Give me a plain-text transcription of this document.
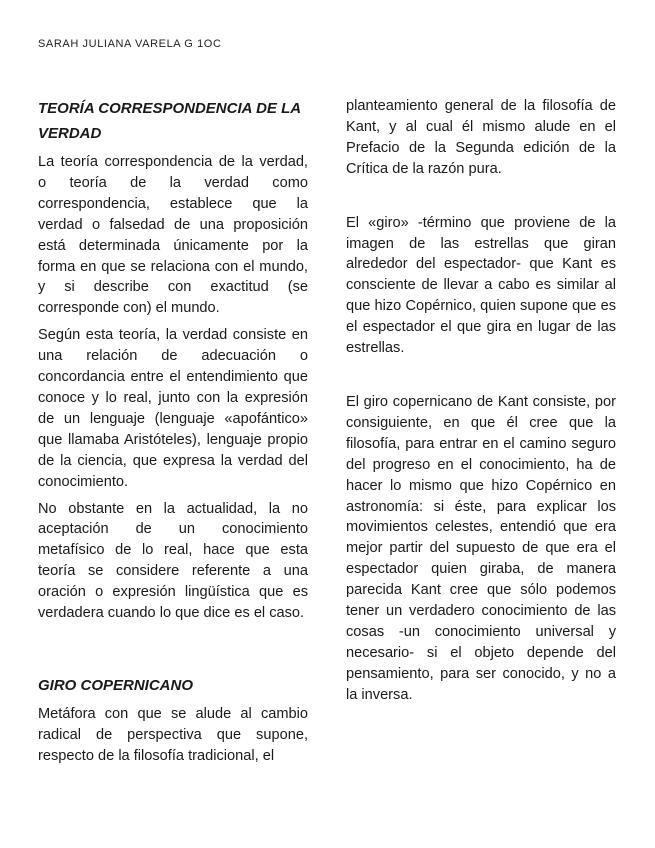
SARAH JULIANA VARELA G 1OC
TEORÍA CORRESPONDENCIA DE LA VERDAD

La teoría correspondencia de la verdad, o teoría de la verdad como correspondencia, establece que la verdad o falsedad de una proposición está determinada únicamente por la forma en que se relaciona con el mundo, y si describe con exactitud (se corresponde con) el mundo.

Según esta teoría, la verdad consiste en una relación de adecuación o concordancia entre el entendimiento que conoce y lo real, junto con la expresión de un lenguaje (lenguaje «apofántico» que llamaba Aristóteles), lenguaje propio de la ciencia, que expresa la verdad del conocimiento.

No obstante en la actualidad, la no aceptación de un conocimiento metafísico de lo real, hace que esta teoría se considere referente a una oración o expresión lingüística que es verdadera cuando lo que dice es el caso.

GIRO COPERNICANO

Metáfora con que se alude al cambio radical de perspectiva que supone, respecto de la filosofía tradicional, el

planteamiento general de la filosofía de Kant, y al cual él mismo alude en el Prefacio de la Segunda edición de la Crítica de la razón pura.

El «giro» -término que proviene de la imagen de las estrellas que giran alrededor del espectador- que Kant es consciente de llevar a cabo es similar al que hizo Copérnico, quien supone que es el espectador el que gira en lugar de las estrellas.

El giro copernicano de Kant consiste, por consiguiente, en que él cree que la filosofía, para entrar en el camino seguro del progreso en el conocimiento, ha de hacer lo mismo que hizo Copérnico en astronomía: si éste, para explicar los movimientos celestes, entendió que era mejor partir del supuesto de que era el espectador quien giraba, de manera parecida Kant cree que sólo podemos tener un verdadero conocimiento de las cosas -un conocimiento universal y necesario- si el objeto depende del pensamiento, para ser conocido, y no a la inversa.
